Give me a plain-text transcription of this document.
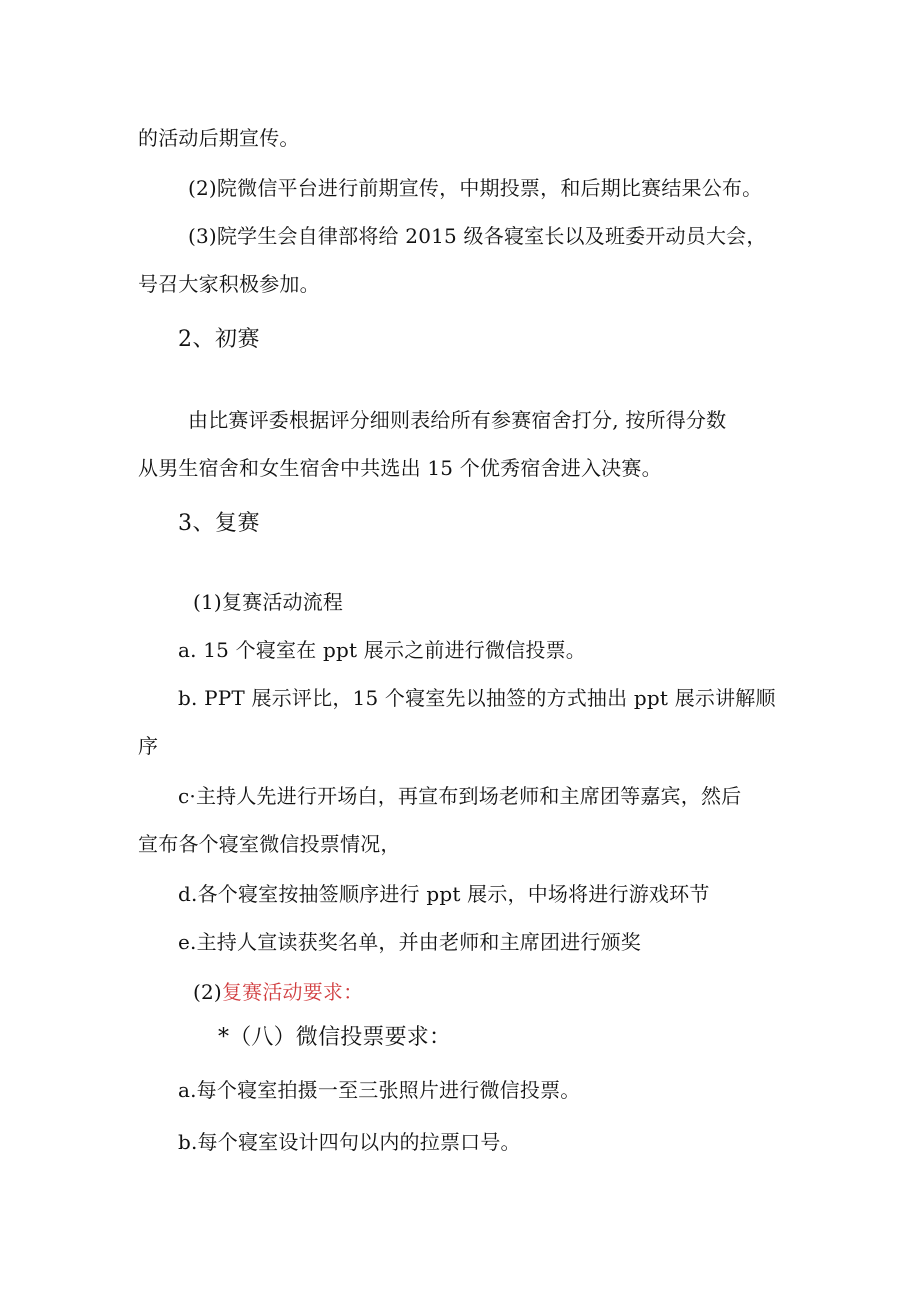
的活动后期宣传。

(2)院微信平台进行前期宣传，中期投票，和后期比赛结果公布。

(3)院学生会自律部将给 2015 级各寝室长以及班委开动员大会，

号召大家积极参加。

2、初赛

由比赛评委根据评分细则表给所有参赛宿舍打分, 按所得分数

从男生宿舍和女生宿舍中共选出 15 个优秀宿舍进入决赛。

3、复赛

(1)复赛活动流程

a. 15 个寝室在 ppt 展示之前进行微信投票。

b. PPT 展示评比，15 个寝室先以抽签的方式抽出 ppt 展示讲解顺

序

c·主持人先进行开场白，再宣布到场老师和主席团等嘉宾，然后

宣布各个寝室微信投票情况，

d.各个寝室按抽签顺序进行 ppt 展示，中场将进行游戏环节

e.主持人宣读获奖名单，并由老师和主席团进行颁奖

(2)复赛活动要求：

*（八）微信投票要求：

a.每个寝室拍摄一至三张照片进行微信投票。

b.每个寝室设计四句以内的拉票口号。
